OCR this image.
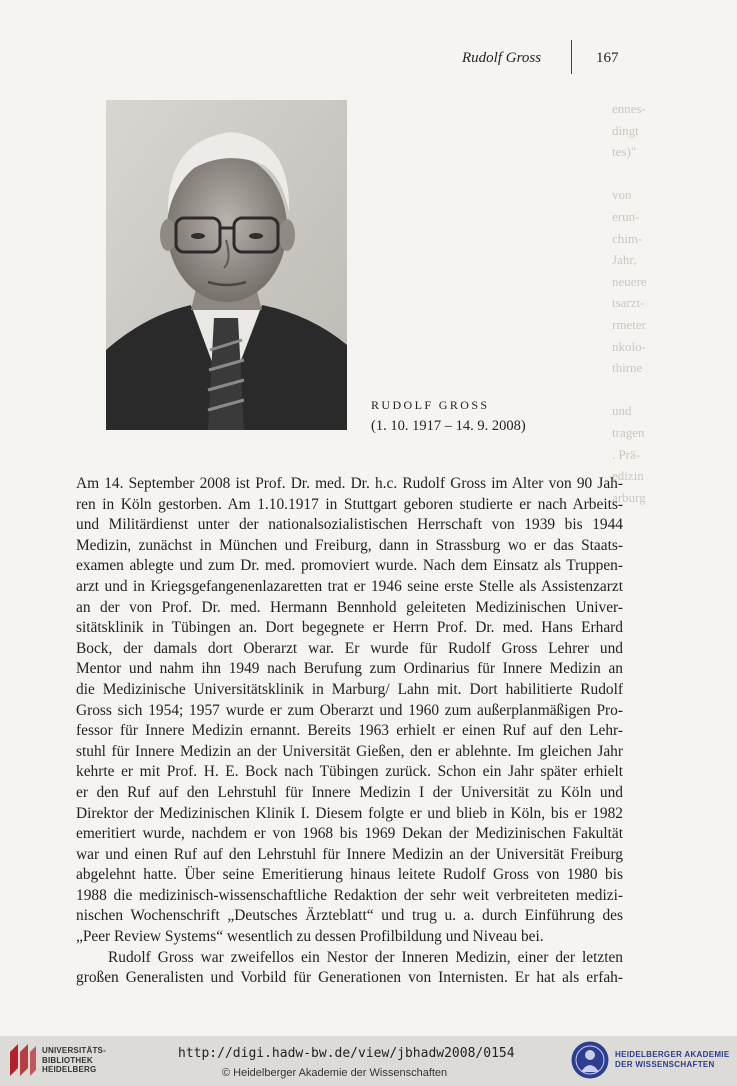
ennes-
dingt
tes)"

von
erun-
chim-
Jahr,
neuere
tsarzt-
rmeter
nkolo-
thirne

und
tragen
. Prä-
edizin
arburg
Rudolf Gross	167
RUDOLF GROSS
(1. 10. 1917 – 14. 9. 2008)
Am 14. September 2008 ist Prof. Dr. med. Dr. h.c. Rudolf Gross im Alter von 90 Jah-
ren in Köln gestorben. Am 1.10.1917 in Stuttgart geboren studierte er nach Arbeits-
und Militärdienst unter der nationalsozialistischen Herrschaft von 1939 bis 1944
Medizin, zunächst in München und Freiburg, dann in Strassburg wo er das Staats-
examen ablegte und zum Dr. med. promoviert wurde. Nach dem Einsatz als Truppen-
arzt und in Kriegsgefangenenlazaretten trat er 1946 seine erste Stelle als Assistenzarzt
an der von Prof. Dr. med. Hermann Bennhold geleiteten Medizinischen Univer-
sitätsklinik in Tübingen an. Dort begegnete er Herrn Prof. Dr. med. Hans Erhard
Bock, der damals dort Oberarzt war. Er wurde für Rudolf Gross Lehrer und
Mentor und nahm ihn 1949 nach Berufung zum Ordinarius für Innere Medizin an
die Medizinische Universitätsklinik in Marburg/ Lahn mit. Dort habilitierte Rudolf
Gross sich 1954; 1957 wurde er zum Oberarzt und 1960 zum außerplanmäßigen Pro-
fessor für Innere Medizin ernannt. Bereits 1963 erhielt er einen Ruf auf den Lehr-
stuhl für Innere Medizin an der Universität Gießen, den er ablehnte. Im gleichen Jahr
kehrte er mit Prof. H. E. Bock nach Tübingen zurück. Schon ein Jahr später erhielt
er den Ruf auf den Lehrstuhl für Innere Medizin I der Universität zu Köln und
Direktor der Medizinischen Klinik I. Diesem folgte er und blieb in Köln, bis er 1982
emeritiert wurde, nachdem er von 1968 bis 1969 Dekan der Medizinischen Fakultät
war und einen Ruf auf den Lehrstuhl für Innere Medizin an der Universität Freiburg
abgelehnt hatte. Über seine Emeritierung hinaus leitete Rudolf Gross von 1980 bis
1988 die medizinisch-wissenschaftliche Redaktion der sehr weit verbreiteten medizi-
nischen Wochenschrift „Deutsches Ärzteblatt“ und trug u. a. durch Einführung des
„Peer Review Systems“ wesentlich zu dessen Profilbildung und Niveau bei.
Rudolf Gross war zweifellos ein Nestor der Inneren Medizin, einer der letzten
großen Generalisten und Vorbild für Generationen von Internisten. Er hat als erfah-
UNIVERSITÄTS-
BIBLIOTHEK
HEIDELBERG
http://digi.hadw-bw.de/view/jbhadw2008/0154
© Heidelberger Akademie der Wissenschaften
HEIDELBERGER AKADEMIE
DER WISSENSCHAFTEN
